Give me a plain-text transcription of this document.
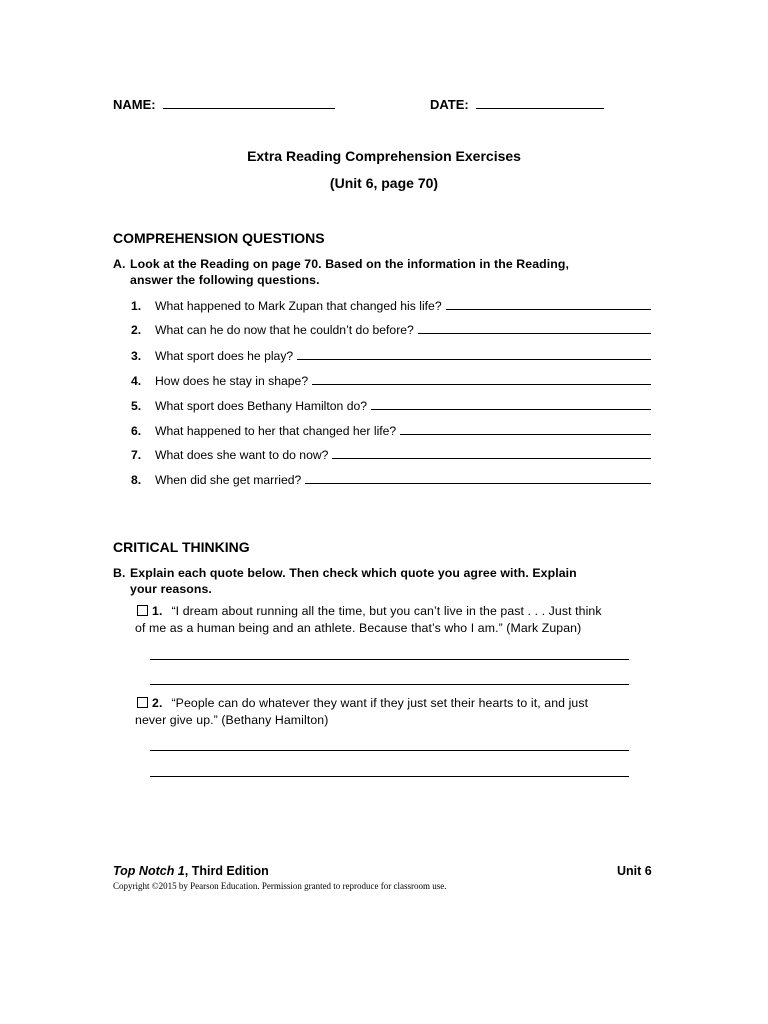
NAME:	DATE:
Extra Reading Comprehension Exercises
(Unit 6, page 70)
COMPREHENSION QUESTIONS
A. Look at the Reading on page 70. Based on the information in the Reading,
answer the following questions.
1.	What happened to Mark Zupan that changed his life?
2.	What can he do now that he couldn’t do before?
3.	What sport does he play?
4.	How does he stay in shape?
5.	What sport does Bethany Hamilton do?
6.	What happened to her that changed her life?
7.	What does she want to do now?
8.	When did she get married?
CRITICAL THINKING
B. Explain each quote below. Then check which quote you agree with. Explain
your reasons.
1. “I dream about running all the time, but you can’t live in the past . . . Just think
of me as a human being and an athlete. Because that’s who I am.” (Mark Zupan)
2. “People can do whatever they want if they just set their hearts to it, and just
never give up.” (Bethany Hamilton)
Top Notch 1, Third Edition	Unit 6
Copyright ©2015 by Pearson Education. Permission granted to reproduce for classroom use.
